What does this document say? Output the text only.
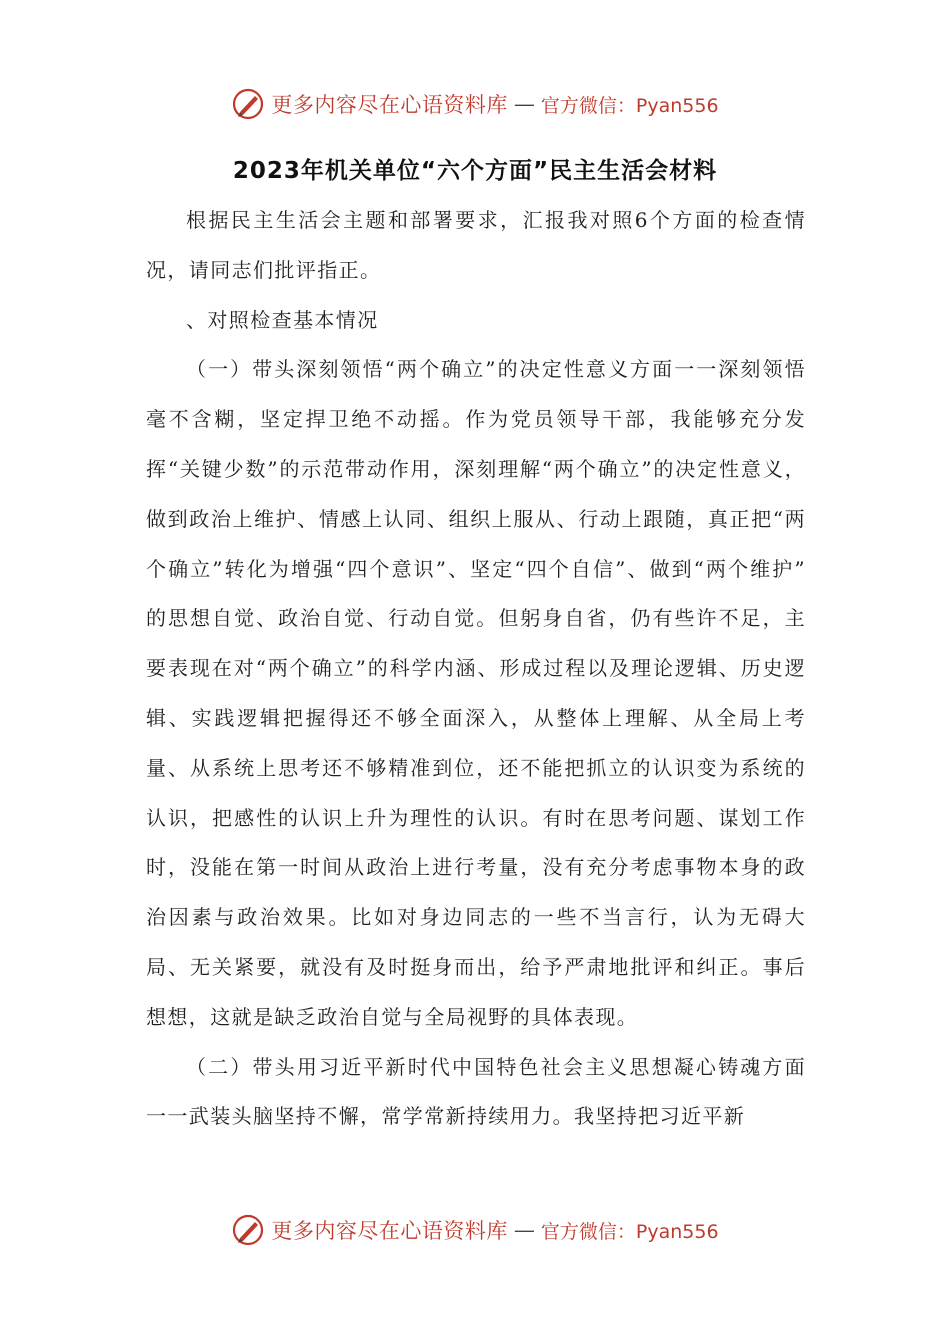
更多内容尽在心语资料库 — 官方微信：Pyan556
2023年机关单位“六个方面”民主生活会材料

根据民主生活会主题和部署要求，汇报我对照6个方面的检查情况，请同志们批评指正。

、对照检查基本情况

（一）带头深刻领悟“两个确立”的决定性意义方面一一深刻领悟毫不含糊，坚定捍卫绝不动摇。作为党员领导干部，我能够充分发挥“关键少数”的示范带动作用，深刻理解“两个确立”的决定性意义，做到政治上维护、情感上认同、组织上服从、行动上跟随，真正把“两个确立”转化为增强“四个意识”、坚定“四个自信”、做到“两个维护” 的思想自觉、政治自觉、行动自觉。但躬身自省，仍有些许不足，主要表现在对“两个确立”的科学内涵、形成过程以及理论逻辑、历史逻辑、实践逻辑把握得还不够全面深入，从整体上理解、从全局上考量、从系统上思考还不够精准到位，还不能把抓立的认识变为系统的认识，把感性的认识上升为理性的认识。有时在思考问题、谋划工作时，没能在第一时间从政治上进行考量，没有充分考虑事物本身的政治因素与政治效果。比如对身边同志的一些不当言行，认为无碍大局、无关紧要，就没有及时挺身而出，给予严肃地批评和纠正。事后想想，这就是缺乏政治自觉与全局视野的具体表现。

（二）带头用习近平新时代中国特色社会主义思想凝心铸魂方面一一武装头脑坚持不懈，常学常新持续用力。我坚持把习近平新

更多内容尽在心语资料库 — 官方微信：Pyan556
